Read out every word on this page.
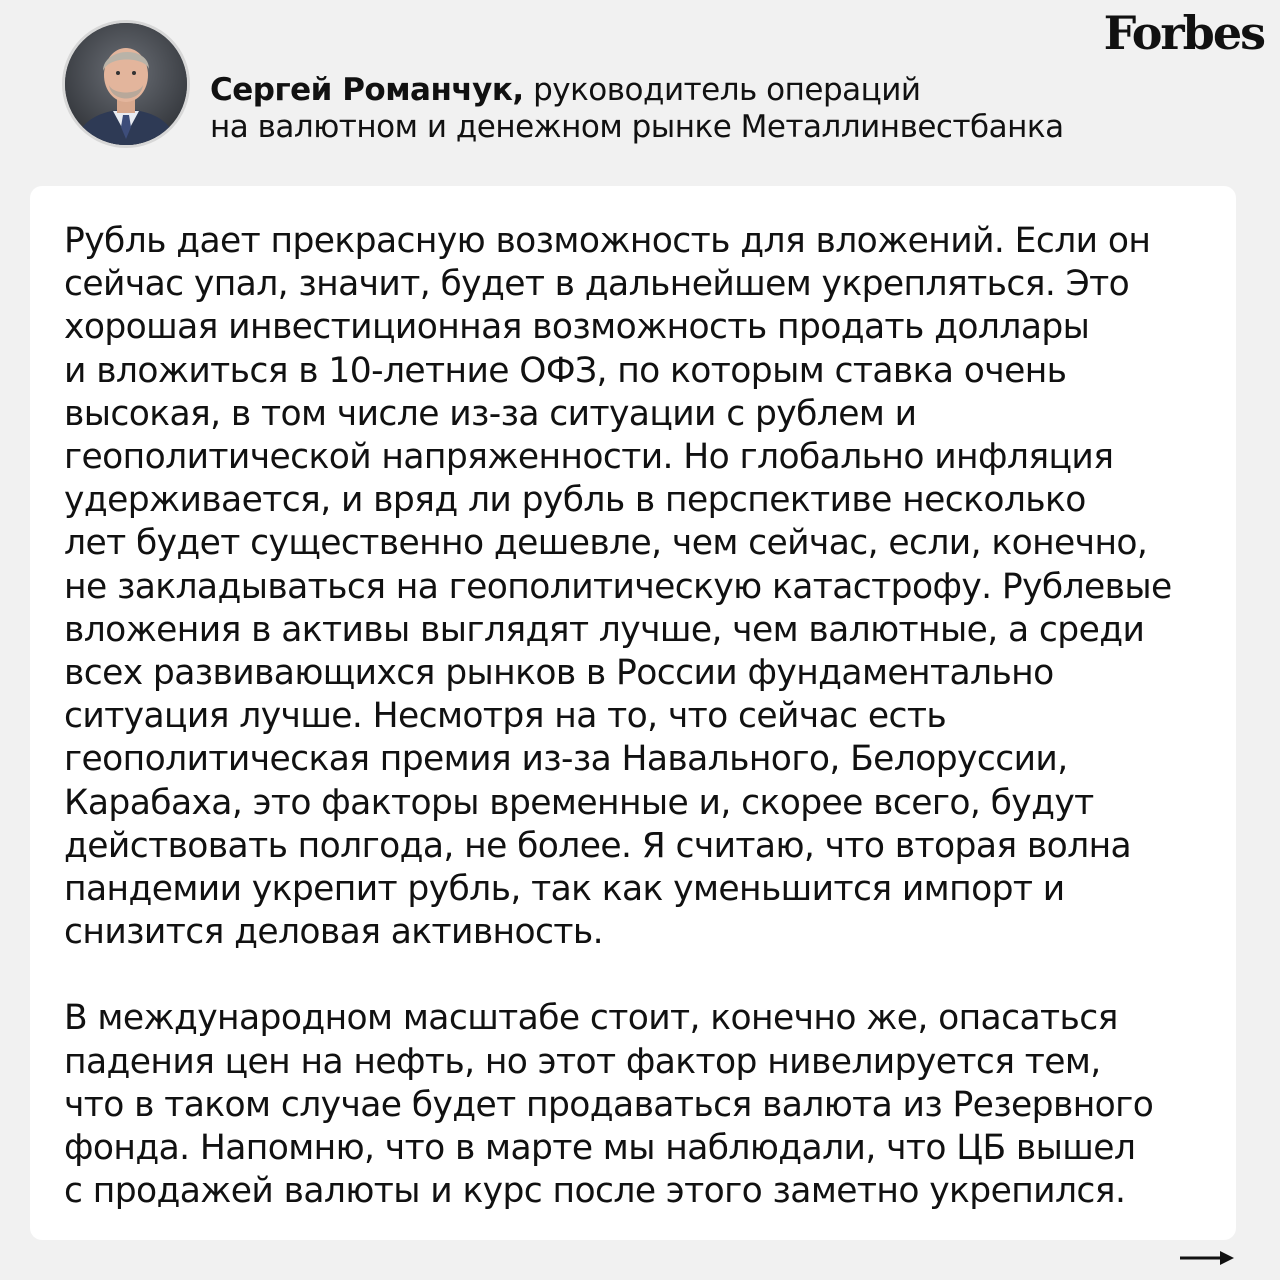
Forbes
Сергей Романчук, руководитель операций
на валютном и денежном рынке Металлинвестбанка

Рубль дает прекрасную возможность для вложений. Если он
сейчас упал, значит, будет в дальнейшем укрепляться. Это
хорошая инвестиционная возможность продать доллары
и вложиться в 10-летние ОФЗ, по которым ставка очень
высокая, в том числе из-за ситуации с рублем и
геополитической напряженности. Но глобально инфляция
удерживается, и вряд ли рубль в перспективе несколько
лет будет существенно дешевле, чем сейчас, если, конечно,
не закладываться на геополитическую катастрофу. Рублевые
вложения в активы выглядят лучше, чем валютные, а среди
всех развивающихся рынков в России фундаментально
ситуация лучше. Несмотря на то, что сейчас есть
геополитическая премия из-за Навального, Белоруссии,
Карабаха, это факторы временные и, скорее всего, будут
действовать полгода, не более. Я считаю, что вторая волна
пандемии укрепит рубль, так как уменьшится импорт и
снизится деловая активность.

В международном масштабе стоит, конечно же, опасаться
падения цен на нефть, но этот фактор нивелируется тем,
что в таком случае будет продаваться валюта из Резервного
фонда. Напомню, что в марте мы наблюдали, что ЦБ вышел
с продажей валюты и курс после этого заметно укрепился.
